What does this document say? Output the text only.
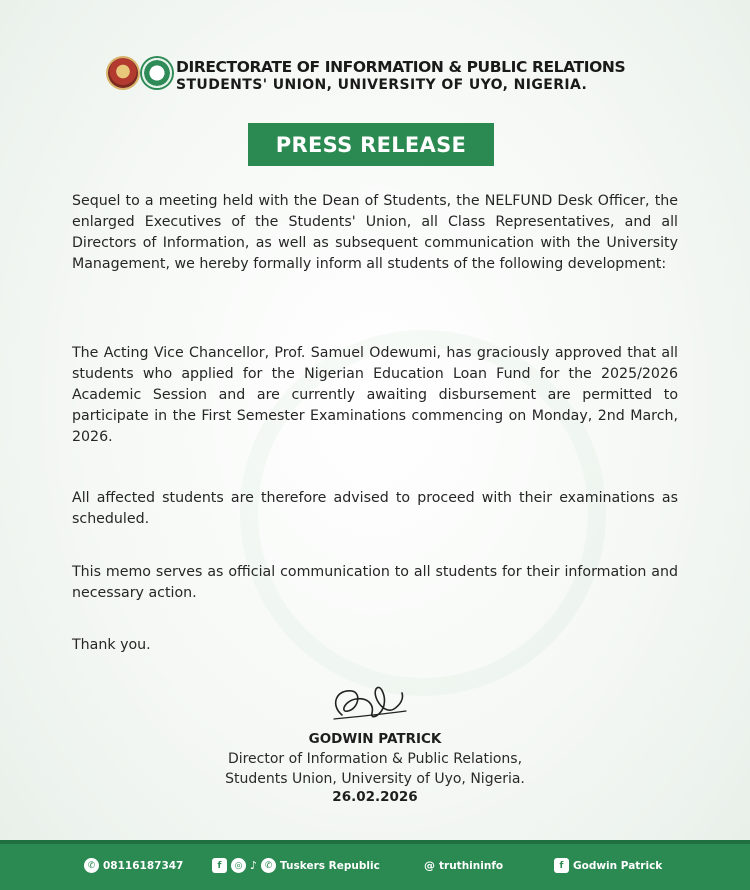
DIRECTORATE OF INFORMATION & PUBLIC RELATIONS
STUDENTS' UNION, UNIVERSITY OF UYO, NIGERIA.
PRESS RELEASE

Sequel to a meeting held with the Dean of Students, the NELFUND Desk Officer, the enlarged Executives of the Students' Union, all Class Representatives, and all Directors of Information, as well as subsequent communication with the University Management, we hereby formally inform all students of the following development:

The Acting Vice Chancellor, Prof. Samuel Odewumi, has graciously approved that all students who applied for the Nigerian Education Loan Fund for the 2025/2026 Academic Session and are currently awaiting disbursement are permitted to participate in the First Semester Examinations commencing on Monday, 2nd March, 2026.

All affected students are therefore advised to proceed with their examinations as scheduled.

This memo serves as official communication to all students for their information and necessary action.

Thank you.

GODWIN PATRICK
Director of Information & Public Relations,
Students Union, University of Uyo, Nigeria.
26.02.2026
✆ 08116187347	f	◎ ♪ ✆ Tuskers Republic	@ truthininfo	f Godwin Patrick
